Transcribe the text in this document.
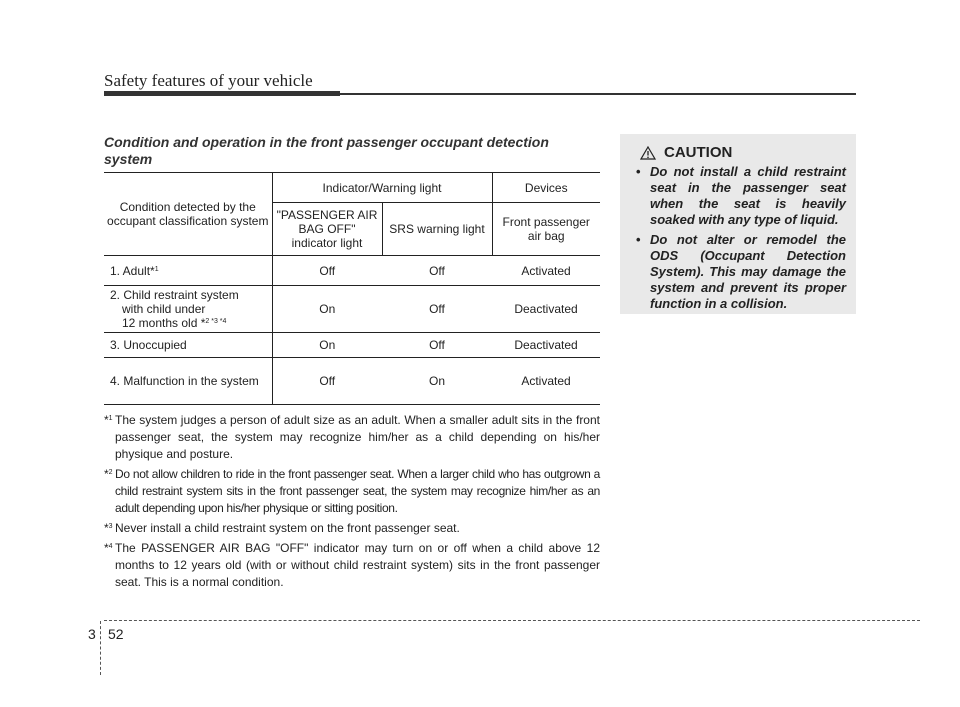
Safety features of your vehicle
Condition and operation in the front passenger occupant detection system
Condition detected by the occupant classification system	Indicator/Warning light		Devices
	"PASSENGER AIR BAG OFF" indicator light	SRS warning light	Front passenger air bag
1. Adult*$^1$	Off	Off	Activated
2. Child restraint system
with child under
12 months old *$^{2 *3 *4}$	On	Off	Deactivated
3. Unoccupied	On	Off	Deactivated
4. Malfunction in the system	Off	On	Activated
*$^1$ The system judges a person of adult size as an adult. When a smaller adult sits in the front passenger seat, the system may recognize him/her as a child depending on his/her physique and posture.
*$^2$ Do not allow children to ride in the front passenger seat. When a larger child who has outgrown a child restraint system sits in the front passenger seat, the system may recognize him/her as an adult depending upon his/her physique or sitting position.
*$^3$ Never install a child restraint system on the front passenger seat.
*$^4$ The PASSENGER AIR BAG "OFF" indicator may turn on or off when a child above 12 months to 12 years old (with or without child restraint system) sits in the front passenger seat. This is a normal condition.
CAUTION
• Do not install a child restraint seat in the passenger seat when the seat is heavily soaked with any type of liquid.
• Do not alter or remodel the ODS (Occupant Detection System). This may damage the system and prevent its proper function in a collision.
3 52
